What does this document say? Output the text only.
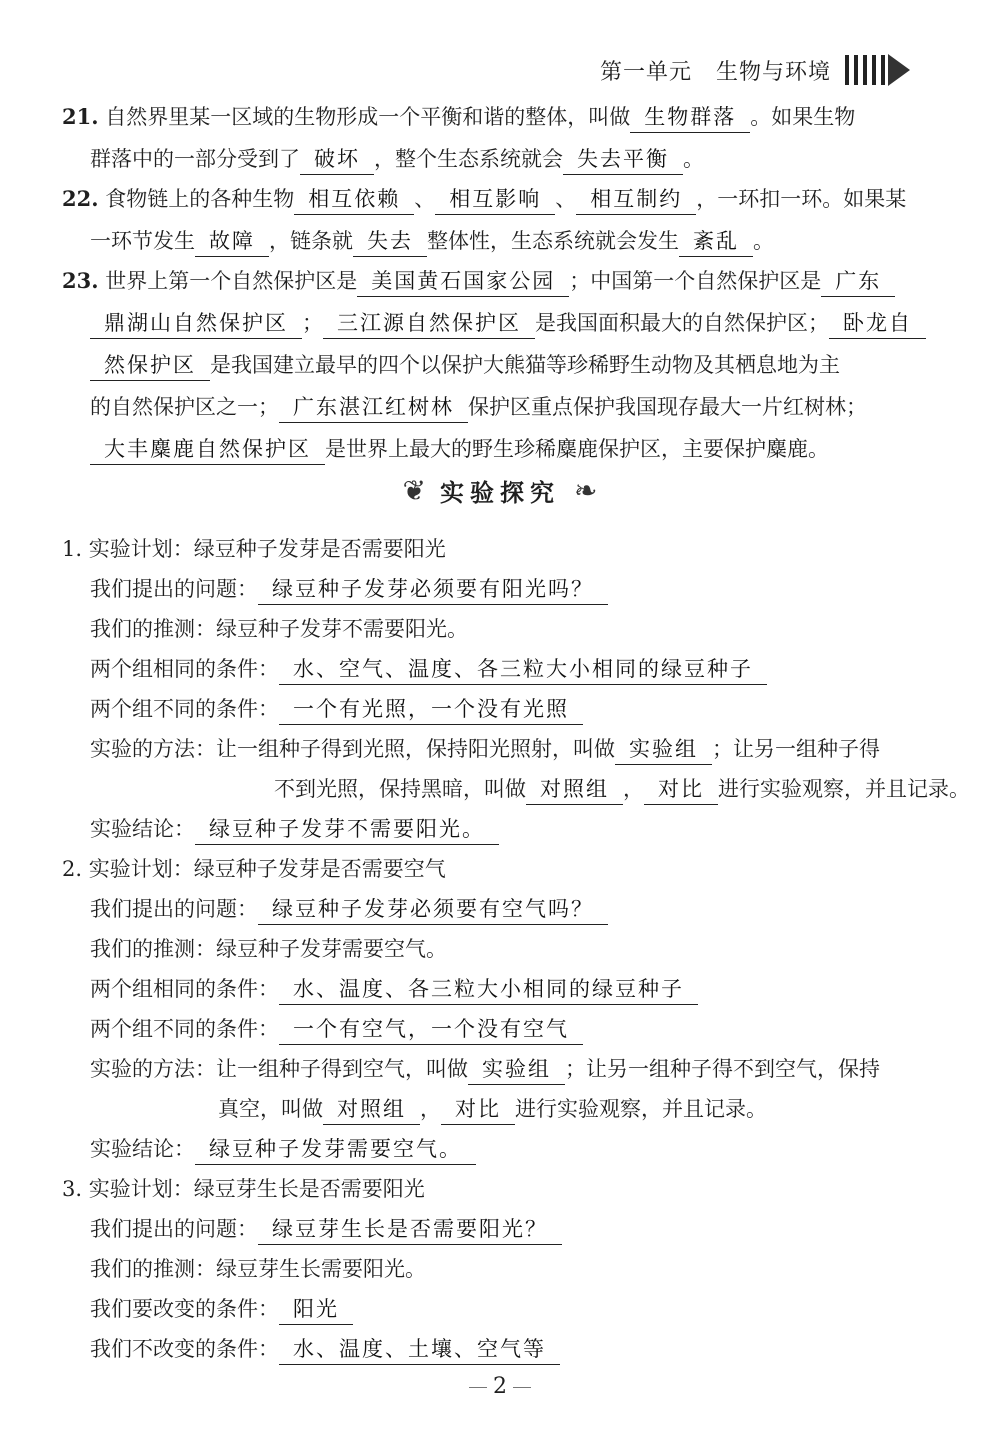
第一单元 生物与环境
21. 自然界里某一区域的生物形成一个平衡和谐的整体，叫做 生物群落 。如果生物
群落中的一部分受到了 破坏 ，整个生态系统就会 失去平衡 。
22. 食物链上的各种生物 相互依赖 、 相互影响 、 相互制约 ，一环扣一环。如果某
一环节发生 故障 ，链条就 失去 整体性，生态系统就会发生 紊乱 。
23. 世界上第一个自然保护区是 美国黄石国家公园 ；中国第一个自然保护区是 广东
鼎湖山自然保护区 ； 三江源自然保护区 是我国面积最大的自然保护区； 卧龙自
然保护区 是我国建立最早的四个以保护大熊猫等珍稀野生动物及其栖息地为主
的自然保护区之一； 广东湛江红树林 保护区重点保护我国现存最大一片红树林；
大丰麋鹿自然保护区 是世界上最大的野生珍稀麋鹿保护区，主要保护麋鹿。
1. 实验计划：绿豆种子发芽是否需要阳光
我们提出的问题： 绿豆种子发芽必须要有阳光吗？
我们的推测：绿豆种子发芽不需要阳光。
两个组相同的条件： 水、空气、温度、各三粒大小相同的绿豆种子
两个组不同的条件： 一个有光照，一个没有光照
实验的方法：让一组种子得到光照，保持阳光照射，叫做 实验组 ；让另一组种子得
不到光照，保持黑暗，叫做 对照组 ， 对比 进行实验观察，并且记录。
实验结论： 绿豆种子发芽不需要阳光。
2. 实验计划：绿豆种子发芽是否需要空气
我们提出的问题： 绿豆种子发芽必须要有空气吗？
我们的推测：绿豆种子发芽需要空气。
两个组相同的条件： 水、温度、各三粒大小相同的绿豆种子
两个组不同的条件： 一个有空气，一个没有空气
实验的方法：让一组种子得到空气，叫做 实验组 ；让另一组种子得不到空气，保持
真空，叫做 对照组 ， 对比 进行实验观察，并且记录。
实验结论： 绿豆种子发芽需要空气。
3. 实验计划：绿豆芽生长是否需要阳光
我们提出的问题： 绿豆芽生长是否需要阳光？
我们的推测：绿豆芽生长需要阳光。
我们要改变的条件： 阳光
我们不改变的条件： 水、温度、土壤、空气等
❦ 实验探究 ❧
2
